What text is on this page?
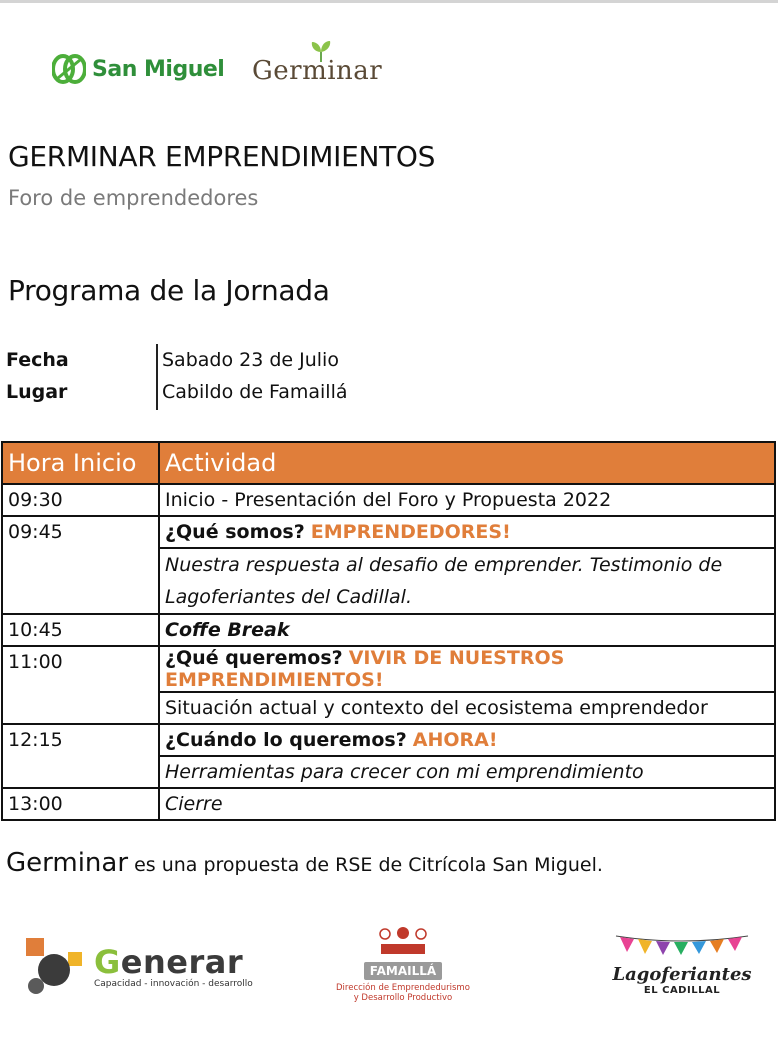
San Miguel Germinar
GERMINAR EMPRENDIMIENTOS
Foro de emprendedores
Programa de la Jornada
Fecha	Sabado 23 de Julio
Lugar	Cabildo de Famaillá
Hora Inicio	Actividad
09:30	Inicio - Presentación del Foro y Propuesta 2022
09:45	¿Qué somos? EMPRENDEDORES!
	Nuestra respuesta al desafio de emprender. Testimonio de Lagoferiantes del Cadillal.
10:45	Coffe Break
11:00	¿Qué queremos? VIVIR DE NUESTROS EMPRENDIMIENTOS!
	Situación actual y contexto del ecosistema emprendedor
12:15	¿Cuándo lo queremos? AHORA!
	Herramientas para crecer con mi emprendimiento
13:00	Cierre
Germinar es una propuesta de RSE de Citrícola San Miguel.
Generar
Capacidad - innovación - desarrollo
FAMAILLÁ
Dirección de Emprendedurismo
y Desarrollo Productivo
Lagoferiantes
EL CADILLAL
